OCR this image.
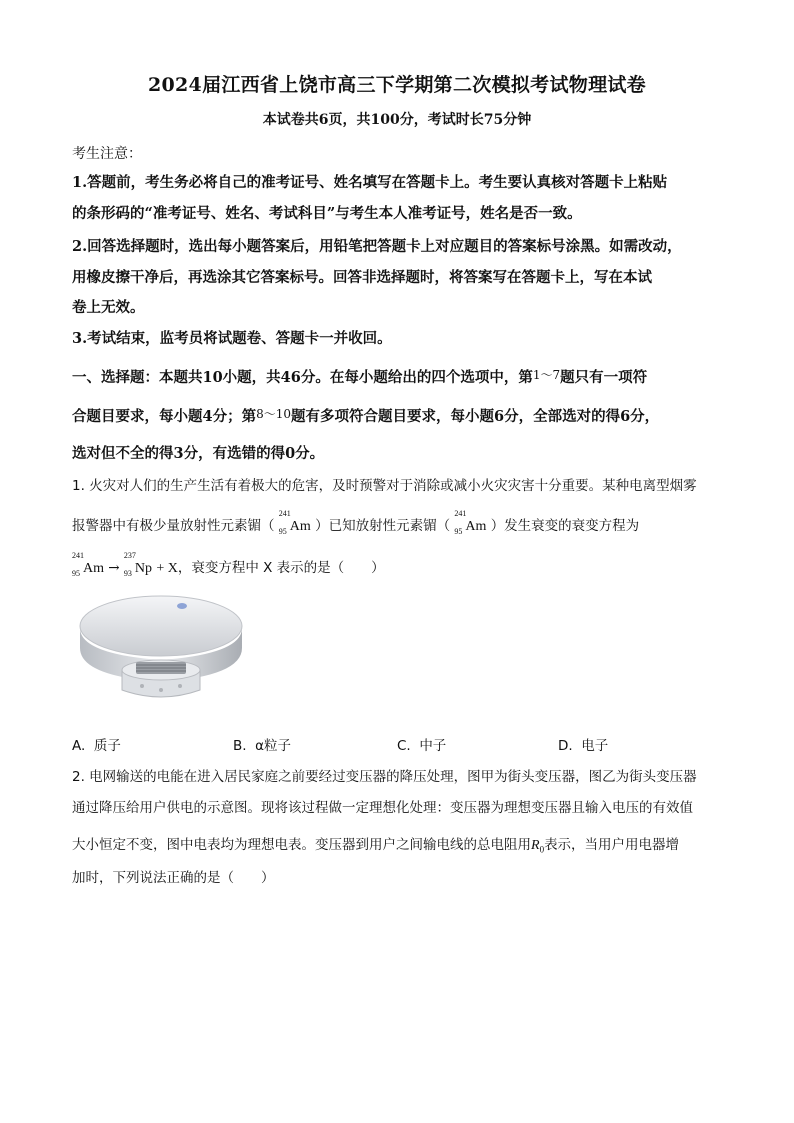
2024届江西省上饶市高三下学期第二次模拟考试物理试卷
本试卷共6页，共100分，考试时长75分钟
考生注意：
1.答题前，考生务必将自己的准考证号、姓名填写在答题卡上。考生要认真核对答题卡上粘贴
的条形码的“准考证号、姓名、考试科目”与考生本人准考证号，姓名是否一致。
2.回答选择题时，选出每小题答案后，用铅笔把答题卡上对应题目的答案标号涂黑。如需改动，
用橡皮擦干净后，再选涂其它答案标号。回答非选择题时，将答案写在答题卡上，写在本试
卷上无效。
3.考试结束，监考员将试题卷、答题卡一并收回。
一、选择题：本题共10小题，共46分。在每小题给出的四个选项中，第$^{1\sim 7}$题只有一项符
合题目要求，每小题4分；第$^{8\sim 10}$题有多项符合题目要求，每小题6分，全部选对的得6分，
选对但不全的得3分，有选错的得0分。
1. 火灾对人们的生产生活有着极大的危害，及时预警对于消除或减小火灾灾害十分重要。某种电离型烟雾
报警器中有极少量放射性元素镅（
241
95 Am ）已知放射性元素镅（
241
95 Am ）发生衰变的衰变方程为
241
95 Am →
237
93 Np + X，衰变方程中 X 表示的是（　　）
A. 质子	B. α粒子	C. 中子	D. 电子
2. 电网输送的电能在进入居民家庭之前要经过变压器的降压处理，图甲为街头变压器，图乙为街头变压器
通过降压给用户供电的示意图。现将该过程做一定理想化处理：变压器为理想变压器且输入电压的有效值
大小恒定不变，图中电表均为理想电表。变压器到用户之间输电线的总电阻用$R_0$表示，当用户用电器增
加时，下列说法正确的是（　　）
